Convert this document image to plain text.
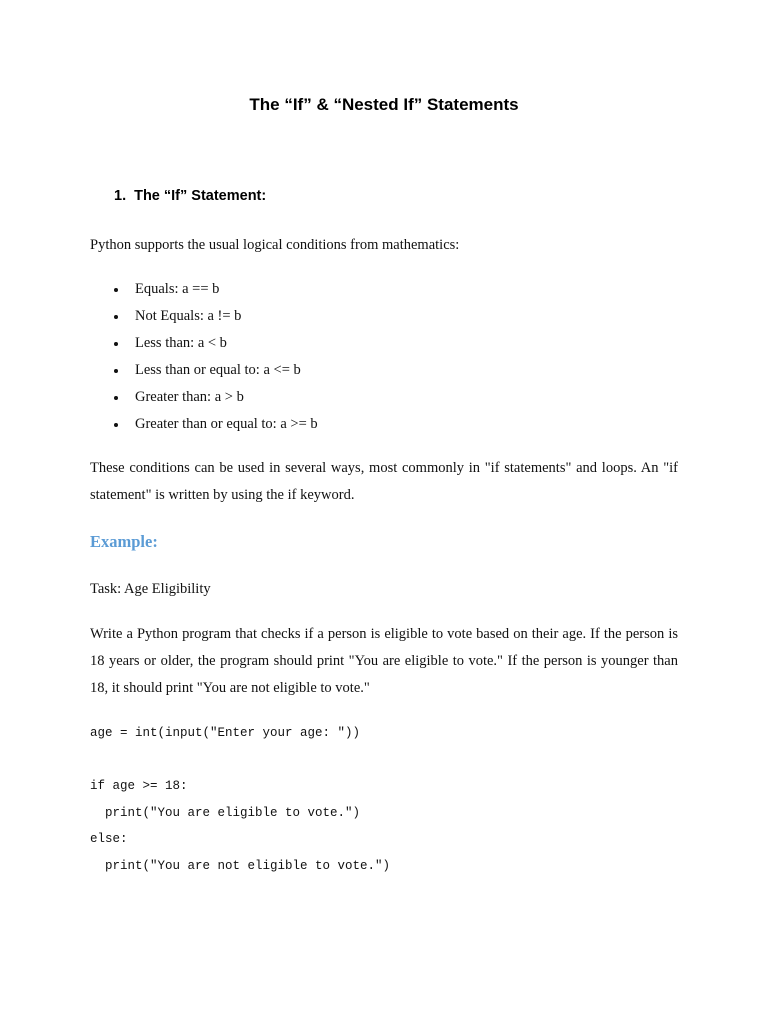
The “If” & “Nested If” Statements
1. The “If” Statement:
Python supports the usual logical conditions from mathematics:
Equals: a == b
Not Equals: a != b
Less than: a < b
Less than or equal to: a <= b
Greater than: a > b
Greater than or equal to: a >= b
These conditions can be used in several ways, most commonly in "if statements" and loops. An "if statement" is written by using the if keyword.
Example:
Task: Age Eligibility
Write a Python program that checks if a person is eligible to vote based on their age. If the person is 18 years or older, the program should print "You are eligible to vote." If the person is younger than 18, it should print "You are not eligible to vote."
age = int(input("Enter your age: "))
if age >= 18:
print("You are eligible to vote.")
else:
print("You are not eligible to vote.")
